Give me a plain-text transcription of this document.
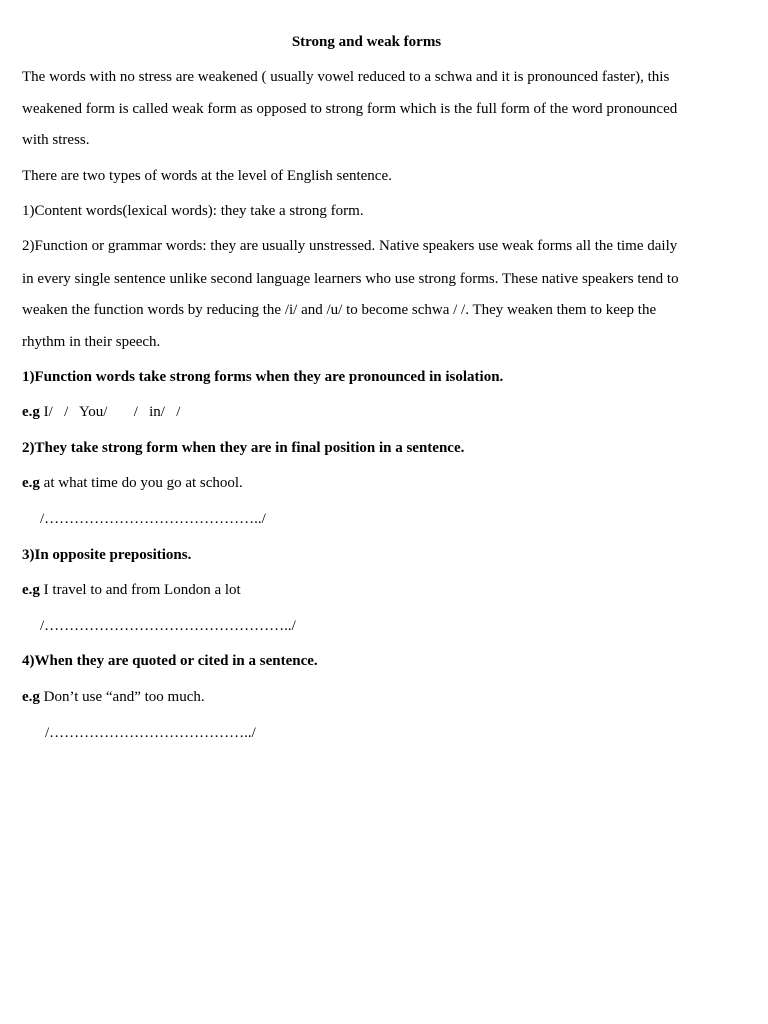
Strong and weak forms
The words with no stress are weakened ( usually vowel reduced to a schwa and it is pronounced faster), this
weakened form is called weak form as opposed to strong form which is the full form of the word pronounced
with stress.
There are two types of words at the level of English sentence.
1)Content words(lexical words): they take a strong form.
2)Function or grammar words: they are usually unstressed. Native speakers use weak forms all the time daily
in every single sentence unlike second language learners who use strong forms. These native speakers tend to
weaken the function words by reducing the /i/ and /u/ to become schwa / /. They weaken them to keep the
rhythm in their speech.
1)Function words take strong forms when they are pronounced in isolation.
e.g I/   /   You/       /   in/   /
2)They take strong form when they are in final position in a sentence.
e.g at what time do you go at school.
/……………………………………../
3)In opposite prepositions.
e.g I travel to and from London a lot
/…………………………………………../
4)When they are quoted or cited in a sentence.
e.g Don’t use “and” too much.
/…………………………………../
